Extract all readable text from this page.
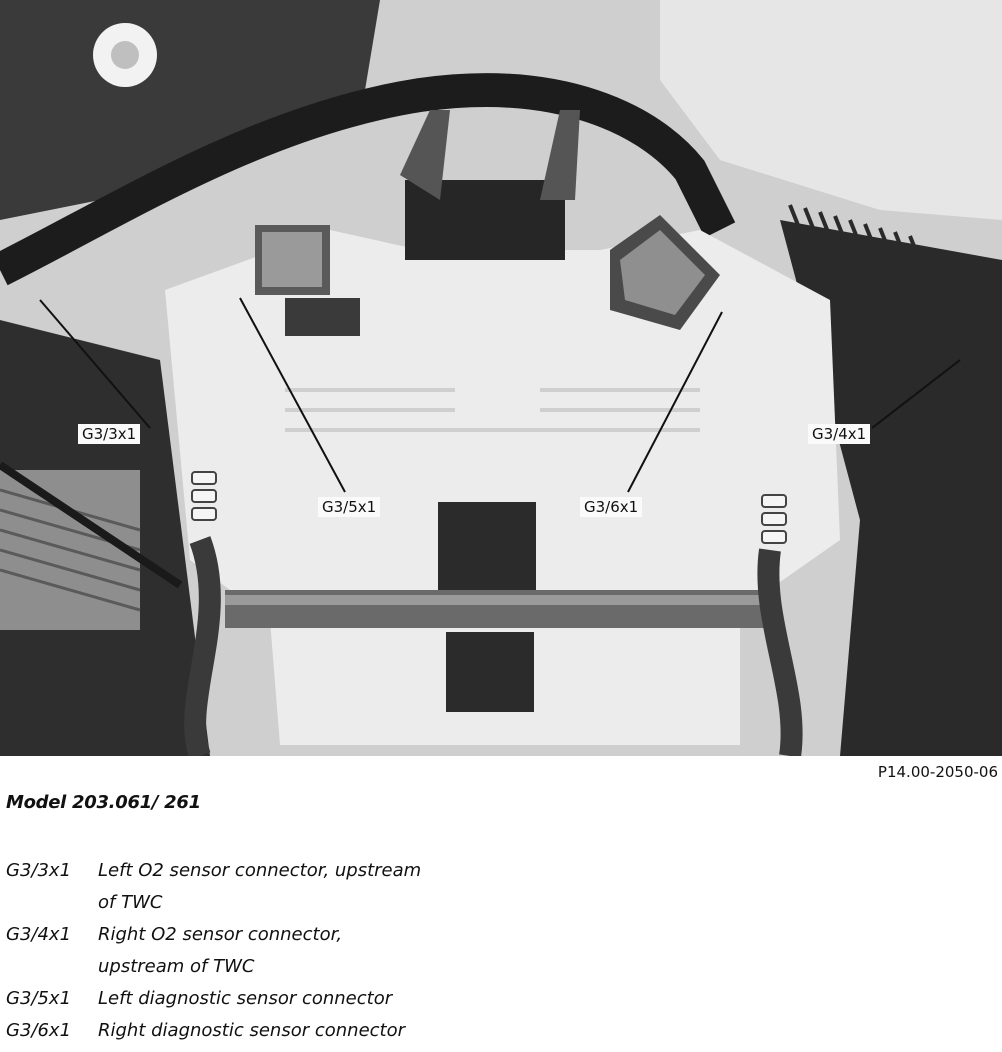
G3/3x1
G3/5x1	G3/6x1
G3/4x1
P14.00-2050-06
Model 203.061/ 261
G3/3x1	Left O2 sensor connector, upstream
of TWC
G3/4x1	Right O2 sensor connector,
upstream of TWC
G3/5x1	Left diagnostic sensor connector
G3/6x1	Right diagnostic sensor connector
